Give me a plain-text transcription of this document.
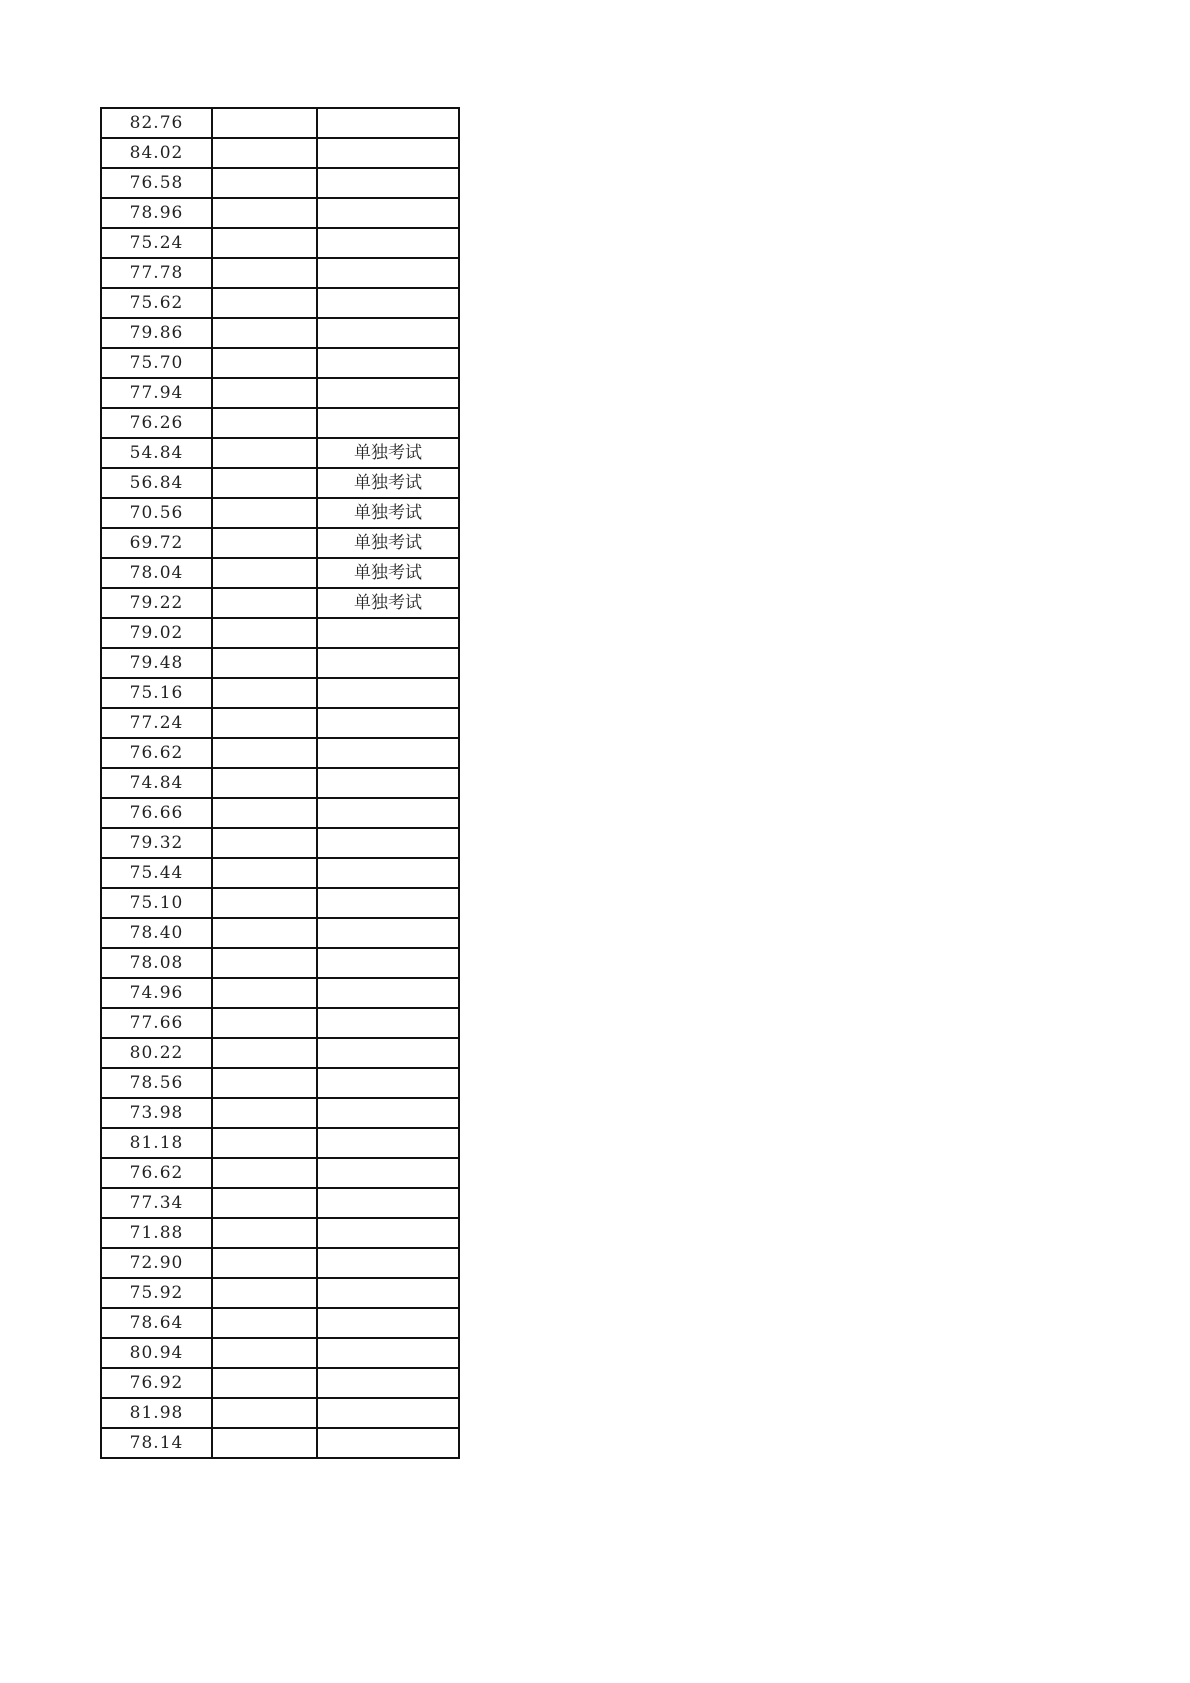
82.76		
84.02		
76.58		
78.96		
75.24		
77.78		
75.62		
79.86		
75.70		
77.94		
76.26		
54.84		单独考试
56.84		单独考试
70.56		单独考试
69.72		单独考试
78.04		单独考试
79.22		单独考试
79.02		
79.48		
75.16		
77.24		
76.62		
74.84		
76.66		
79.32		
75.44		
75.10		
78.40		
78.08		
74.96		
77.66		
80.22		
78.56		
73.98		
81.18		
76.62		
77.34		
71.88		
72.90		
75.92		
78.64		
80.94		
76.92		
81.98		
78.14		
